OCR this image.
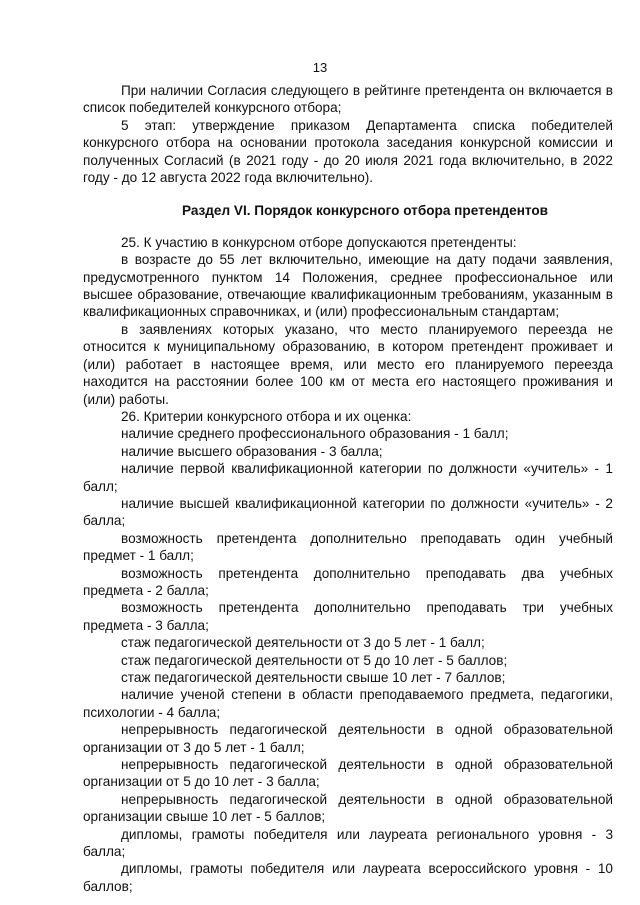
13

При наличии Согласия следующего в рейтинге претендента он включается в список победителей конкурсного отбора;

5 этап: утверждение приказом Департамента списка победителей конкурсного отбора на основании протокола заседания конкурсной комиссии и полученных Согласий (в 2021 году - до 20 июля 2021 года включительно, в 2022 году - до 12 августа 2022 года включительно).

Раздел VI. Порядок конкурсного отбора претендентов

25. К участию в конкурсном отборе допускаются претенденты:

в возрасте до 55 лет включительно, имеющие на дату подачи заявления, предусмотренного пунктом 14 Положения, среднее профессиональное или высшее образование, отвечающие квалификационным требованиям, указанным в квалификационных справочниках, и (или) профессиональным стандартам;

в заявлениях которых указано, что место планируемого переезда не относится к муниципальному образованию, в котором претендент проживает и (или) работает в настоящее время, или место его планируемого переезда находится на расстоянии более 100 км от места его настоящего проживания и (или) работы.

26. Критерии конкурсного отбора и их оценка:

наличие среднего профессионального образования - 1 балл;

наличие высшего образования - 3 балла;

наличие первой квалификационной категории по должности «учитель» - 1 балл;

наличие высшей квалификационной категории по должности «учитель» - 2 балла;

возможность претендента дополнительно преподавать один учебный предмет - 1 балл;

возможность претендента дополнительно преподавать два учебных предмета - 2 балла;

возможность претендента дополнительно преподавать три учебных предмета - 3 балла;

стаж педагогической деятельности от 3 до 5 лет - 1 балл;

стаж педагогической деятельности от 5 до 10 лет - 5 баллов;

стаж педагогической деятельности свыше 10 лет - 7 баллов;

наличие ученой степени в области преподаваемого предмета, педагогики, психологии - 4 балла;

непрерывность педагогической деятельности в одной образовательной организации от 3 до 5 лет - 1 балл;

непрерывность педагогической деятельности в одной образовательной организации от 5 до 10 лет - 3 балла;

непрерывность педагогической деятельности в одной образовательной организации свыше 10 лет - 5 баллов;

дипломы, грамоты победителя или лауреата регионального уровня - 3 балла;

дипломы, грамоты победителя или лауреата всероссийского уровня - 10 баллов;
